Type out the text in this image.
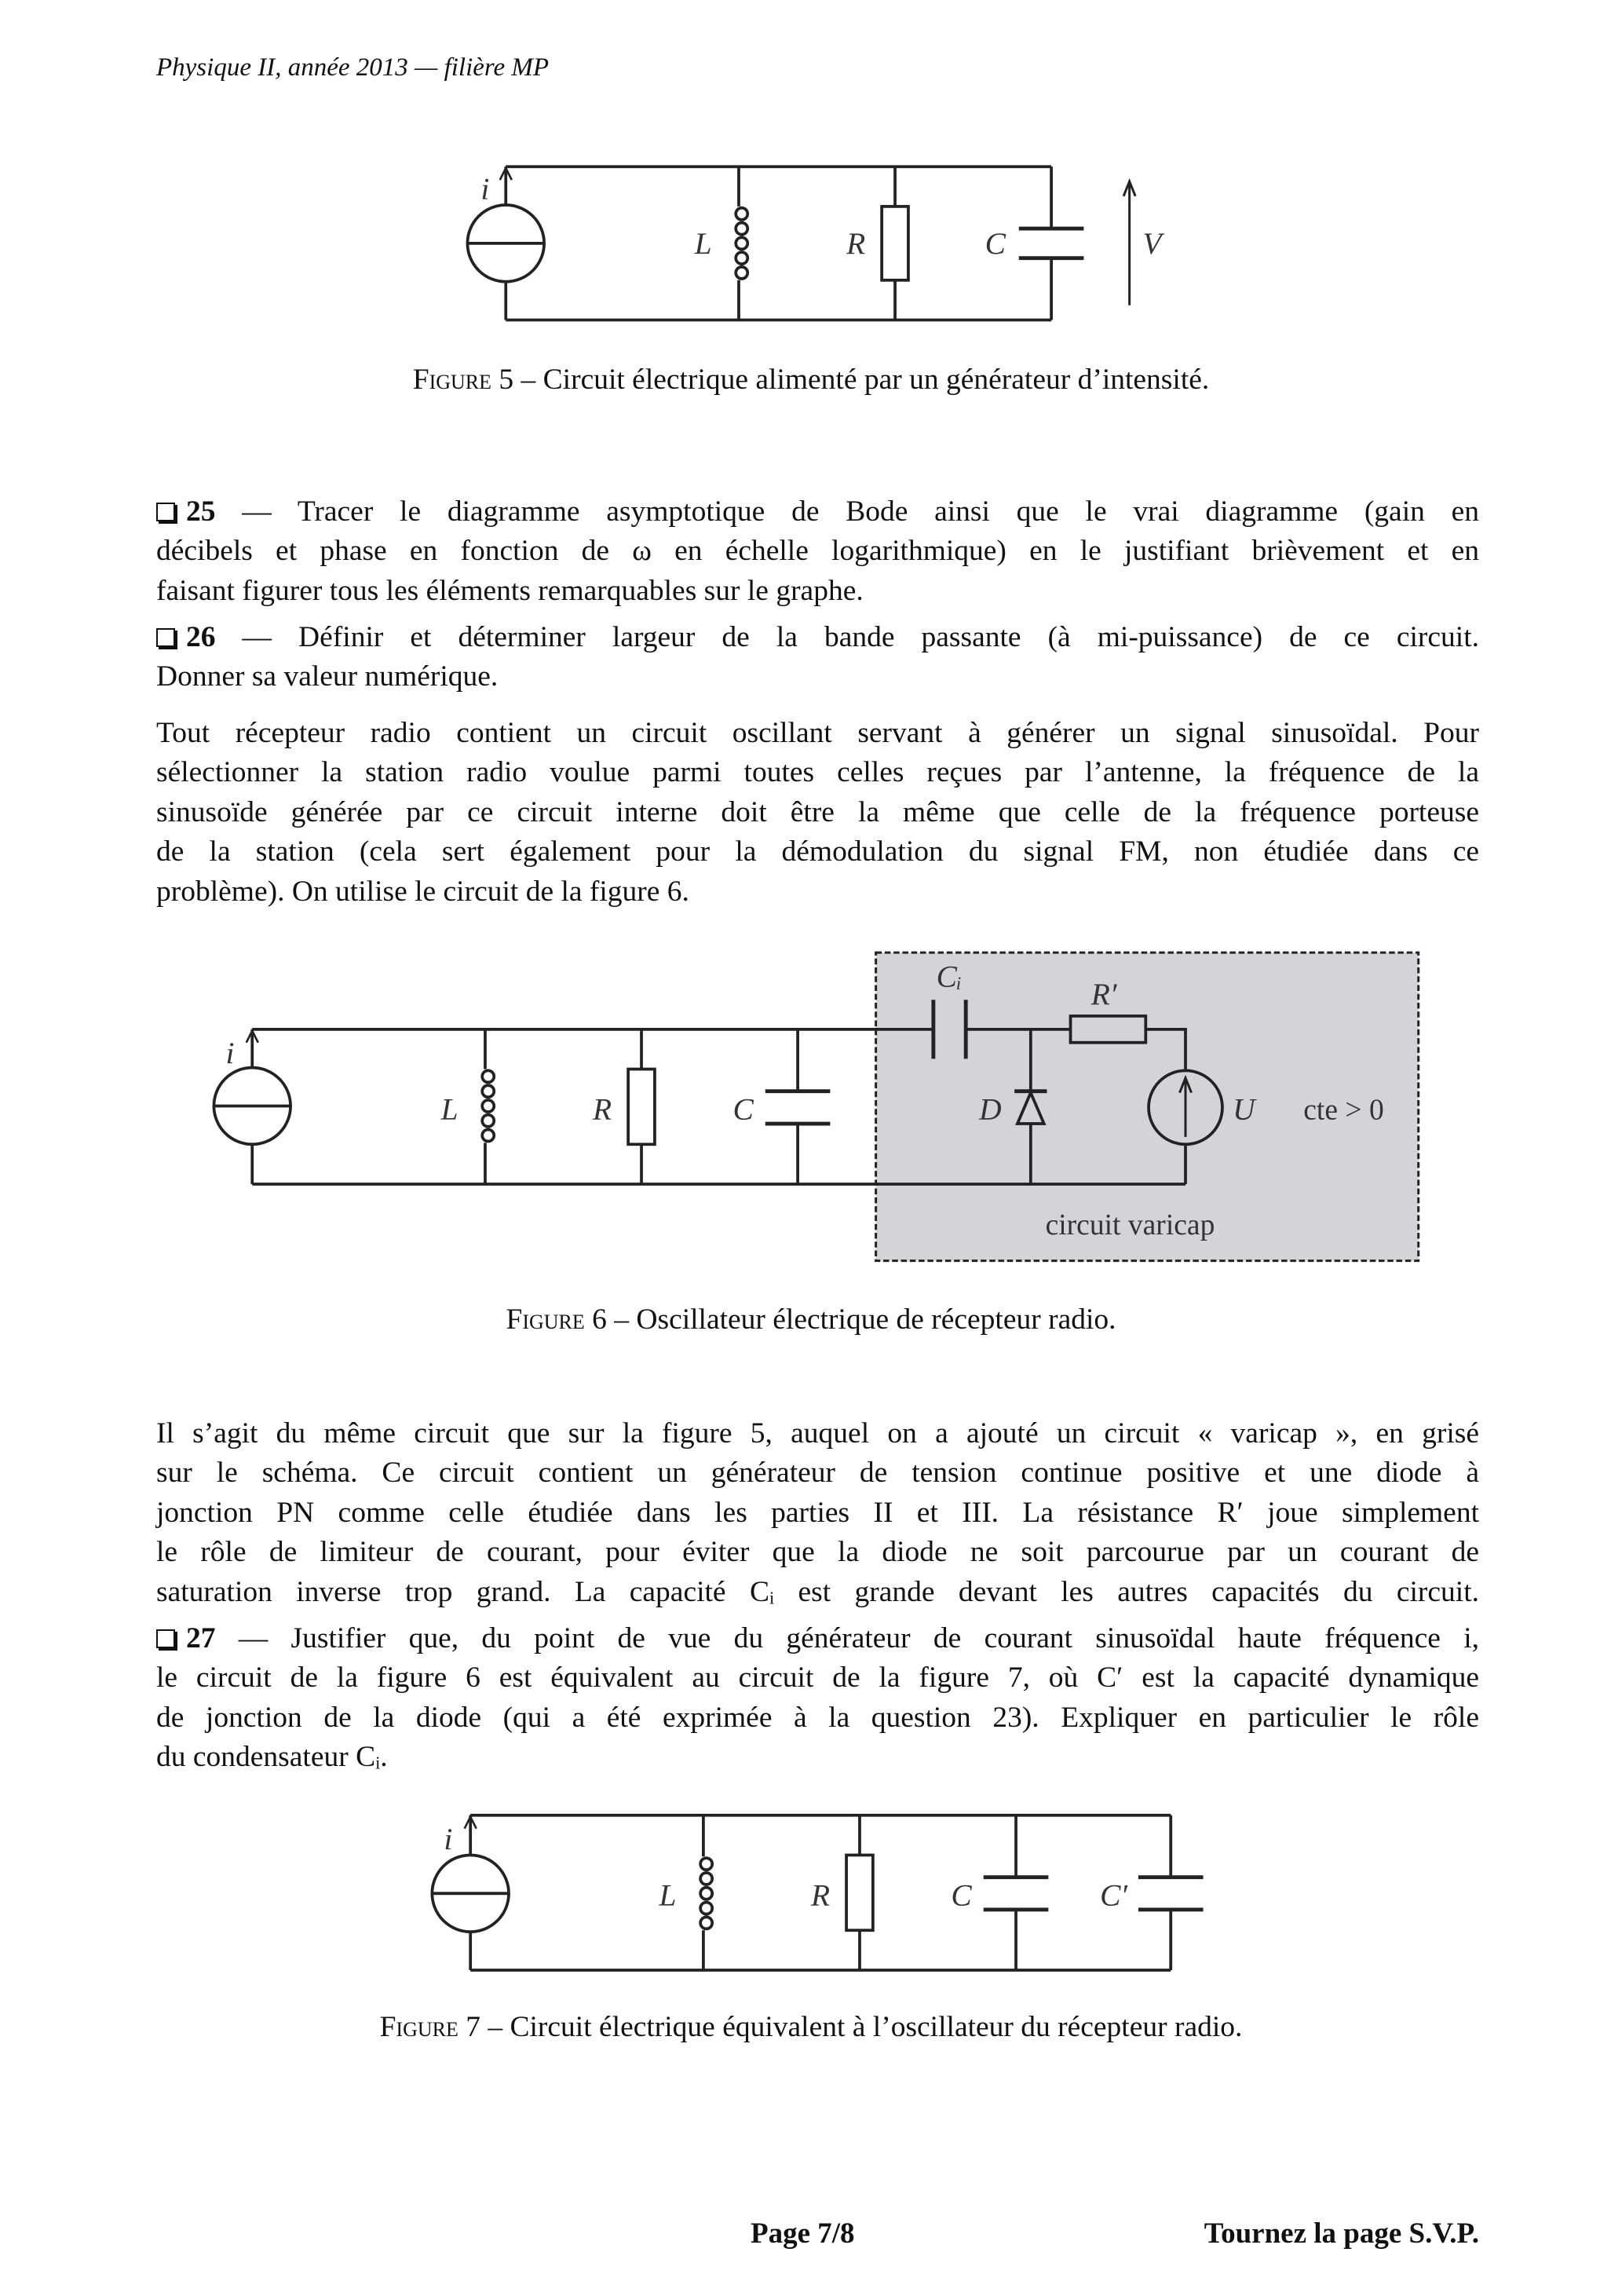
Physique II, année 2013 — filière MP
i
L	R	C	V
i
L	R	C
Cᵢ
R′
D	U	cte > 0
circuit varicap
i
L	R	C	C′
Figure 5 – Circuit électrique alimenté par un générateur d’intensité.
25 — Tracer le diagramme asymptotique de Bode ainsi que le vrai diagramme (gain en
décibels et phase en fonction de ω en échelle logarithmique) en le justifiant brièvement et en
faisant figurer tous les éléments remarquables sur le graphe.
26 — Définir et déterminer largeur de la bande passante (à mi-puissance) de ce circuit.
Donner sa valeur numérique.
Tout récepteur radio contient un circuit oscillant servant à générer un signal sinusoïdal. Pour
sélectionner la station radio voulue parmi toutes celles reçues par l’antenne, la fréquence de la
sinusoïde générée par ce circuit interne doit être la même que celle de la fréquence porteuse
de la station (cela sert également pour la démodulation du signal FM, non étudiée dans ce
problème). On utilise le circuit de la figure 6.
Figure 6 – Oscillateur électrique de récepteur radio.
Il s’agit du même circuit que sur la figure 5, auquel on a ajouté un circuit « varicap », en grisé
sur le schéma. Ce circuit contient un générateur de tension continue positive et une diode à
jonction PN comme celle étudiée dans les parties II et III. La résistance R′ joue simplement
le rôle de limiteur de courant, pour éviter que la diode ne soit parcourue par un courant de
saturation inverse trop grand. La capacité Cᵢ est grande devant les autres capacités du circuit.
27 — Justifier que, du point de vue du générateur de courant sinusoïdal haute fréquence i,
le circuit de la figure 6 est équivalent au circuit de la figure 7, où C′ est la capacité dynamique
de jonction de la diode (qui a été exprimée à la question 23). Expliquer en particulier le rôle
du condensateur Cᵢ.
Figure 7 – Circuit électrique équivalent à l’oscillateur du récepteur radio.
Page 7/8	Tournez la page S.V.P.
